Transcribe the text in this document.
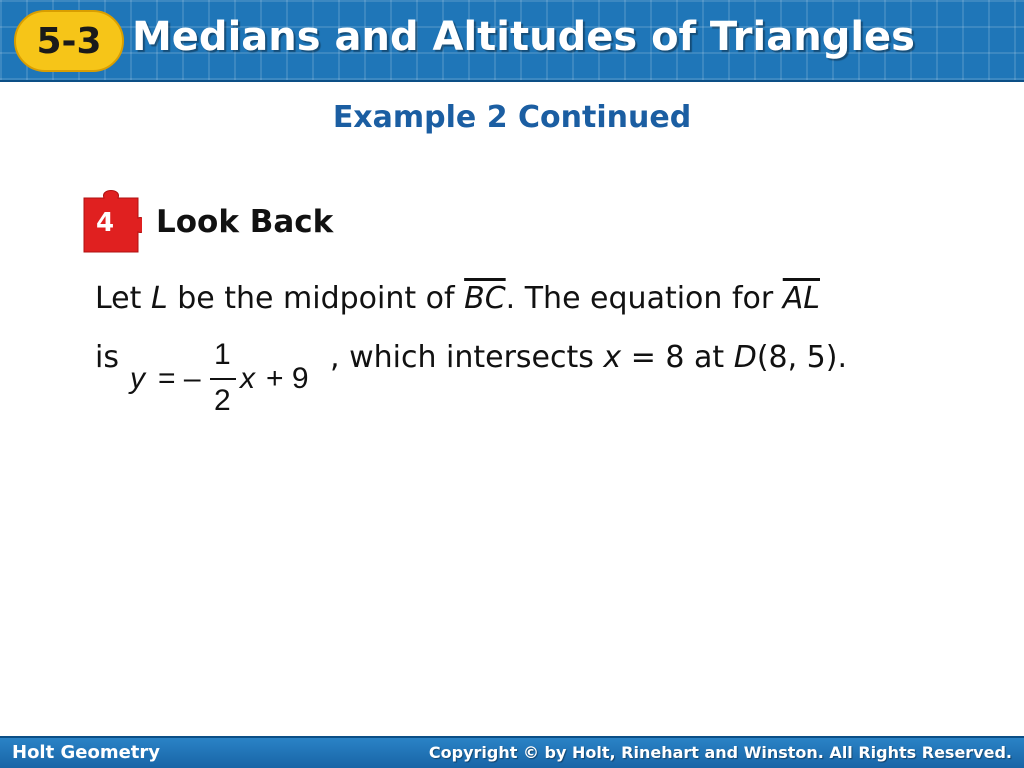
5-3 Medians and Altitudes of Triangles
Example 2 Continued
4 Look Back
Let L be the midpoint of $\overline{BC}$. The equation for $\overline{AL}$
is
y = –
1
2
x + 9
, which intersects x = 8 at D(8, 5).
Holt Geometry	Copyright © by Holt, Rinehart and Winston. All Rights Reserved.
